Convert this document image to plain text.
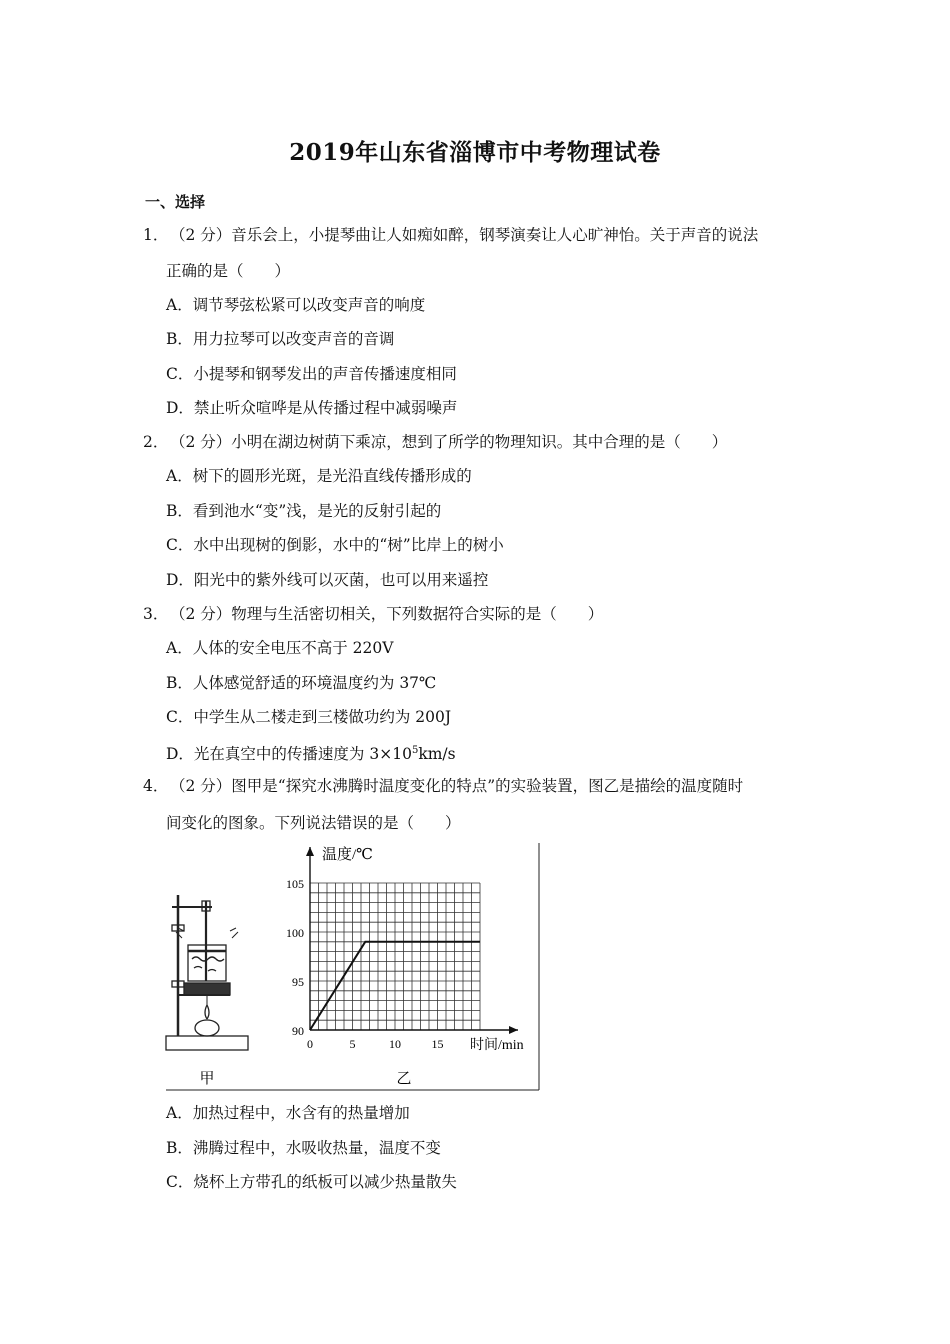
2019年山东省淄博市中考物理试卷
一、选择
1． （2 分）音乐会上，小提琴曲让人如痴如醉，钢琴演奏让人心旷神怡。关于声音的说法
正确的是（　　）
A．调节琴弦松紧可以改变声音的响度
B．用力拉琴可以改变声音的音调
C．小提琴和钢琴发出的声音传播速度相同
D．禁止听众喧哗是从传播过程中减弱噪声
2． （2 分）小明在湖边树荫下乘凉，想到了所学的物理知识。其中合理的是（　　）
A．树下的圆形光斑，是光沿直线传播形成的
B．看到池水“变”浅，是光的反射引起的
C．水中出现树的倒影，水中的“树”比岸上的树小
D．阳光中的紫外线可以灭菌，也可以用来遥控
3． （2 分）物理与生活密切相关，下列数据符合实际的是（　　）
A．人体的安全电压不高于 220V
B．人体感觉舒适的环境温度约为 37℃
C．中学生从二楼走到三楼做功约为 200J
D．光在真空中的传播速度为 $3\times 10^5km/s$
4． （2 分）图甲是“探究水沸腾时温度变化的特点”的实验装置，图乙是描绘的温度随时
间变化的图象。下列说法错误的是（　　）
温度/℃
时间/min
90
95
100
105
0	5	10	15
甲	乙
A．加热过程中，水含有的热量增加
B．沸腾过程中，水吸收热量，温度不变
C．烧杯上方带孔的纸板可以减少热量散失
